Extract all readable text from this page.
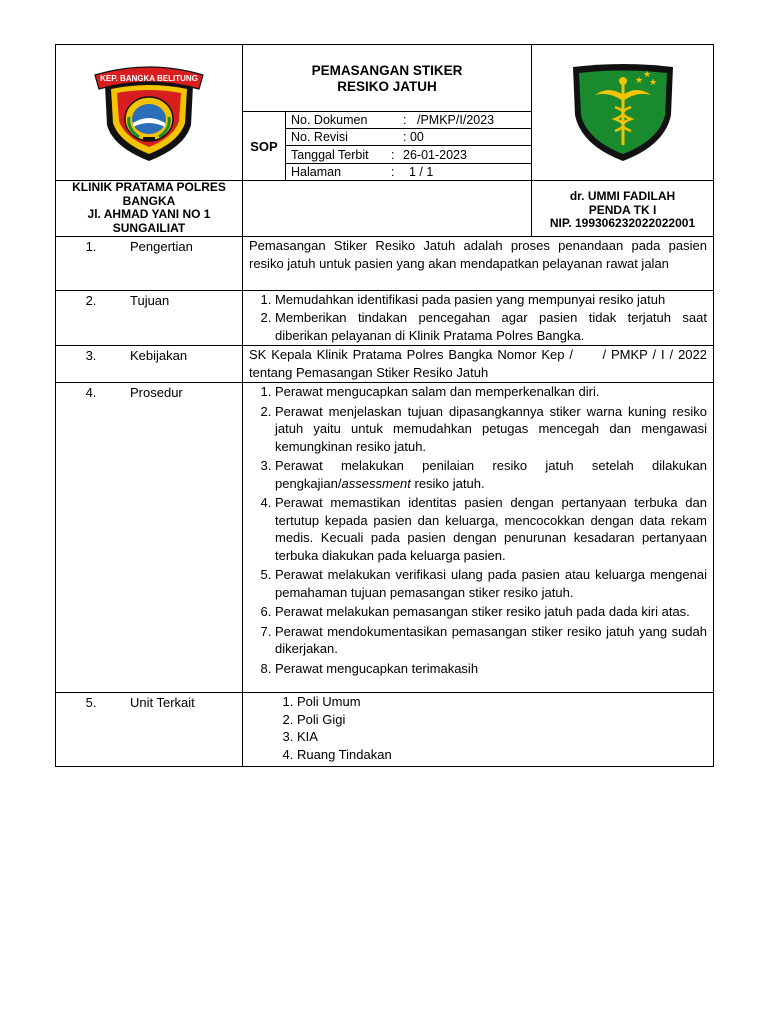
KEP. BANGKA BELITUNG

PEMASANGAN STIKER RESIKO JATUH	★
★
★

SOP	
No. Dokumen	: /PMKP/I/2023
No. Revisi	: 00
Tanggal Terbit : 26-01-2023
Halaman	: 1 / 1

KLINIK PRATAMA POLRES
BANGKA
Jl. AHMAD YANI NO 1
SUNGAILIAT

dr. UMMI FADILAH
PENDA TK I
NIP. 199306232022022001

1.	Pengertian	Pemasangan Stiker Resiko Jatuh adalah proses penandaan pada pasien resiko jatuh untuk pasien yang akan mendapatkan pelayanan rawat jalan

2.	Tujuan

1.Memudahkan identifikasi pada pasien yang mempunyai resiko jatuh
2. Memberikan tindakan pencegahan agar pasien tidak terjatuh saat diberikan pelayanan di Klinik Pratama Polres Bangka.

3.	Kebijakan	SK Kepala Klinik Pratama Polres Bangka Nomor Kep /      / PMKP / I / 2022 tentang Pemasangan Stiker Resiko Jatuh

4.	Prosedur

1.Perawat mengucapkan salam dan memperkenalkan diri.
2. Perawat menjelaskan tujuan dipasangkannya stiker warna kuning resiko jatuh yaitu untuk memudahkan petugas mencegah dan mengawasi kemungkinan resiko jatuh.
3. Perawat melakukan penilaian resiko jatuh setelah dilakukan pengkajian/assessment resiko jatuh.
4. Perawat memastikan identitas pasien dengan pertanyaan terbuka dan tertutup kepada pasien dan keluarga, mencocokkan dengan data rekam medis. Kecuali pada pasien dengan penurunan kesadaran pertanyaan terbuka diakukan pada keluarga pasien.
5. Perawat melakukan verifikasi ulang pada pasien atau keluarga mengenai pemahaman tujuan pemasangan stiker resiko jatuh.
6. Perawat melakukan pemasangan stiker resiko jatuh pada dada kiri atas.
7. Perawat mendokumentasikan pemasangan stiker resiko jatuh yang sudah dikerjakan.
8. Perawat mengucapkan terimakasih

5.	Unit Terkait

1.Poli Umum
2. Poli Gigi
3. KIA
4. Ruang Tindakan
